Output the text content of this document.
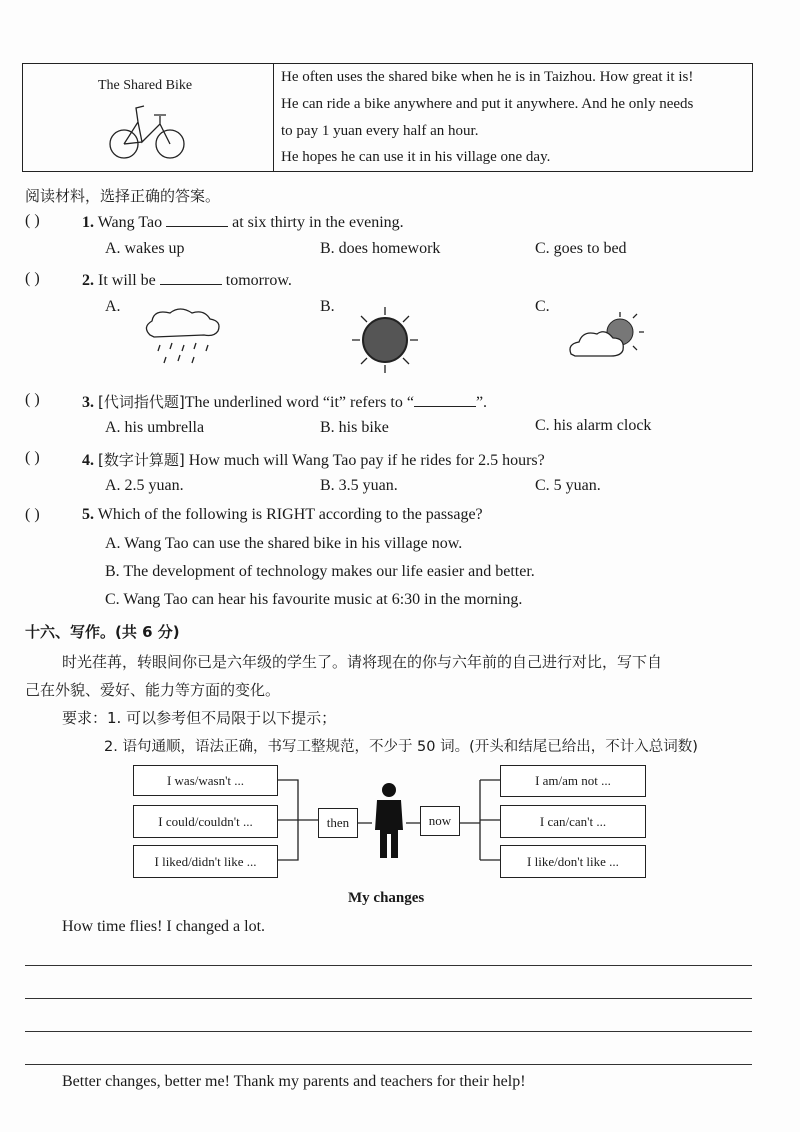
The Shared Bike
He often uses the shared bike when he is in Taizhou. How great it is!
He can ride a bike anywhere and put it anywhere. And he only needs
to pay 1 yuan every half an hour.
He hopes he can use it in his village one day.
阅读材料，选择正确的答案。
( )	1. Wang Tao	at six thirty in the evening.
A. wakes up	B. does homework	C. goes to bed
( )	2. It will be	tomorrow.
A.	B.	C.
( )	3. [代词指代题]The underlined word “it” refers to “	”.
A. his umbrella	B. his bike	C. his alarm clock
( )	4. [数字计算题] How much will Wang Tao pay if he rides for 2.5 hours?
A. 2.5 yuan.	B. 3.5 yuan.	C. 5 yuan.
( )	5. Which of the following is RIGHT according to the passage?
A. Wang Tao can use the shared bike in his village now.
B. The development of technology makes our life easier and better.
C. Wang Tao can hear his favourite music at 6:30 in the morning.
十六、写作。(共 6 分)
时光荏苒，转眼间你已是六年级的学生了。请将现在的你与六年前的自己进行对比，写下自
己在外貌、爱好、能力等方面的变化。
要求：1. 可以参考但不局限于以下提示；
2. 语句通顺，语法正确，书写工整规范，不少于 50 词。(开头和结尾已给出，不计入总词数)
I was/wasn't ...
I could/couldn't ...
I liked/didn't like ...
then	now
I am/am not ...
I can/can't ...
I like/don't like ...
My changes
How time flies! I changed a lot.
Better changes, better me! Thank my parents and teachers for their help!
